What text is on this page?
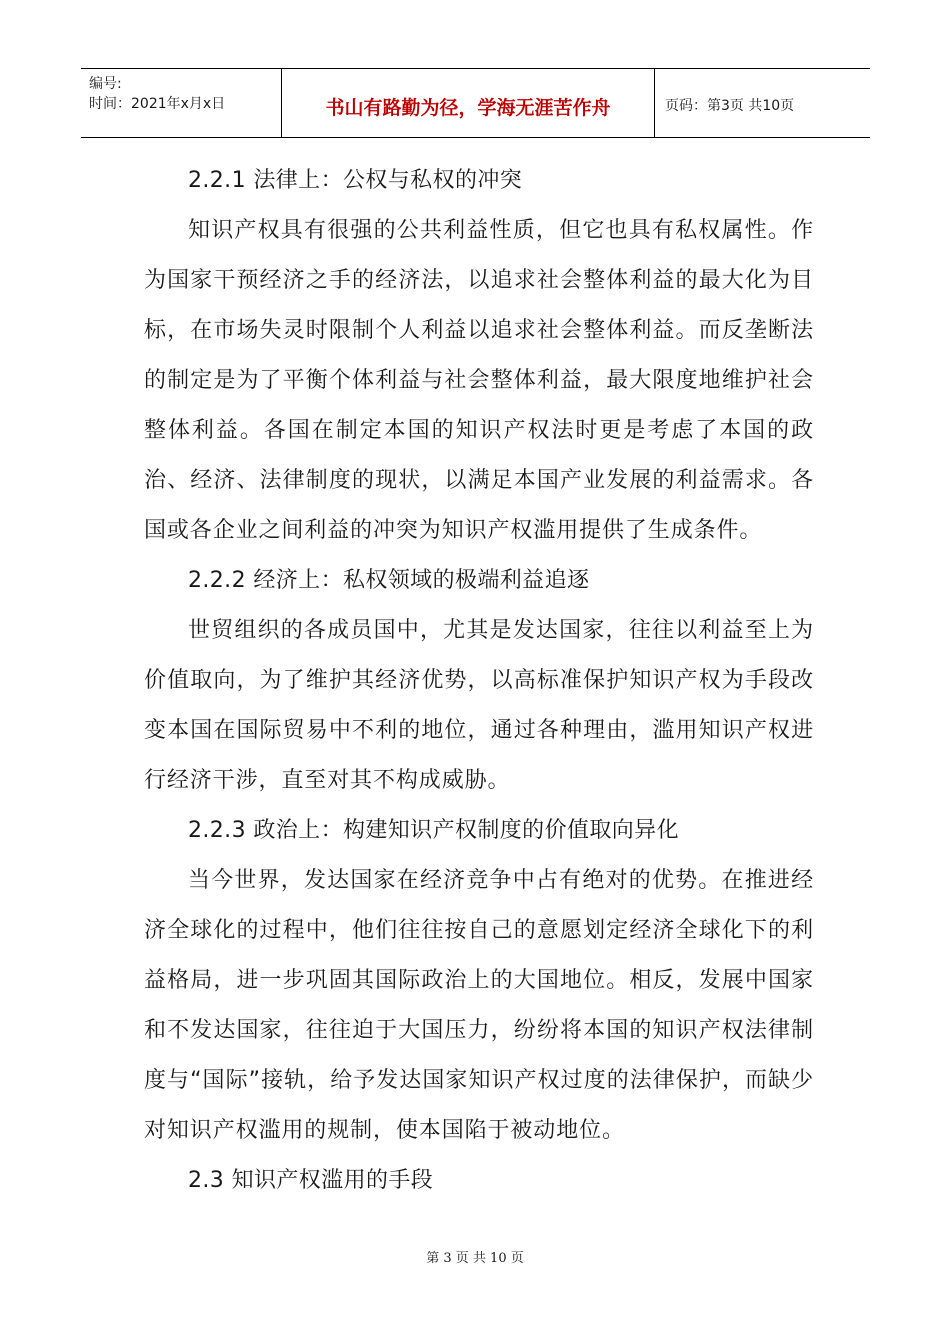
编号:
时间：2021年x月x日	书山有路勤为径，学海无涯苦作舟	页码：第3页 共10页

2.2.1 法律上：公权与私权的冲突

知识产权具有很强的公共利益性质，但它也具有私权属性。作为国家干预经济之手的经济法，以追求社会整体利益的最大化为目标，在市场失灵时限制个人利益以追求社会整体利益。而反垄断法的制定是为了平衡个体利益与社会整体利益，最大限度地维护社会整体利益。各国在制定本国的知识产权法时更是考虑了本国的政治、经济、法律制度的现状，以满足本国产业发展的利益需求。各国或各企业之间利益的冲突为知识产权滥用提供了生成条件。

2.2.2 经济上：私权领域的极端利益追逐

世贸组织的各成员国中，尤其是发达国家，往往以利益至上为价值取向，为了维护其经济优势，以高标准保护知识产权为手段改变本国在国际贸易中不利的地位，通过各种理由，滥用知识产权进行经济干涉，直至对其不构成威胁。

2.2.3 政治上：构建知识产权制度的价值取向异化

当今世界，发达国家在经济竞争中占有绝对的优势。在推进经济全球化的过程中，他们往往按自己的意愿划定经济全球化下的利益格局，进一步巩固其国际政治上的大国地位。相反，发展中国家和不发达国家，往往迫于大国压力，纷纷将本国的知识产权法律制度与“国际”接轨，给予发达国家知识产权过度的法律保护，而缺少对知识产权滥用的规制，使本国陷于被动地位。

2.3 知识产权滥用的手段

第 3 页 共 10 页
